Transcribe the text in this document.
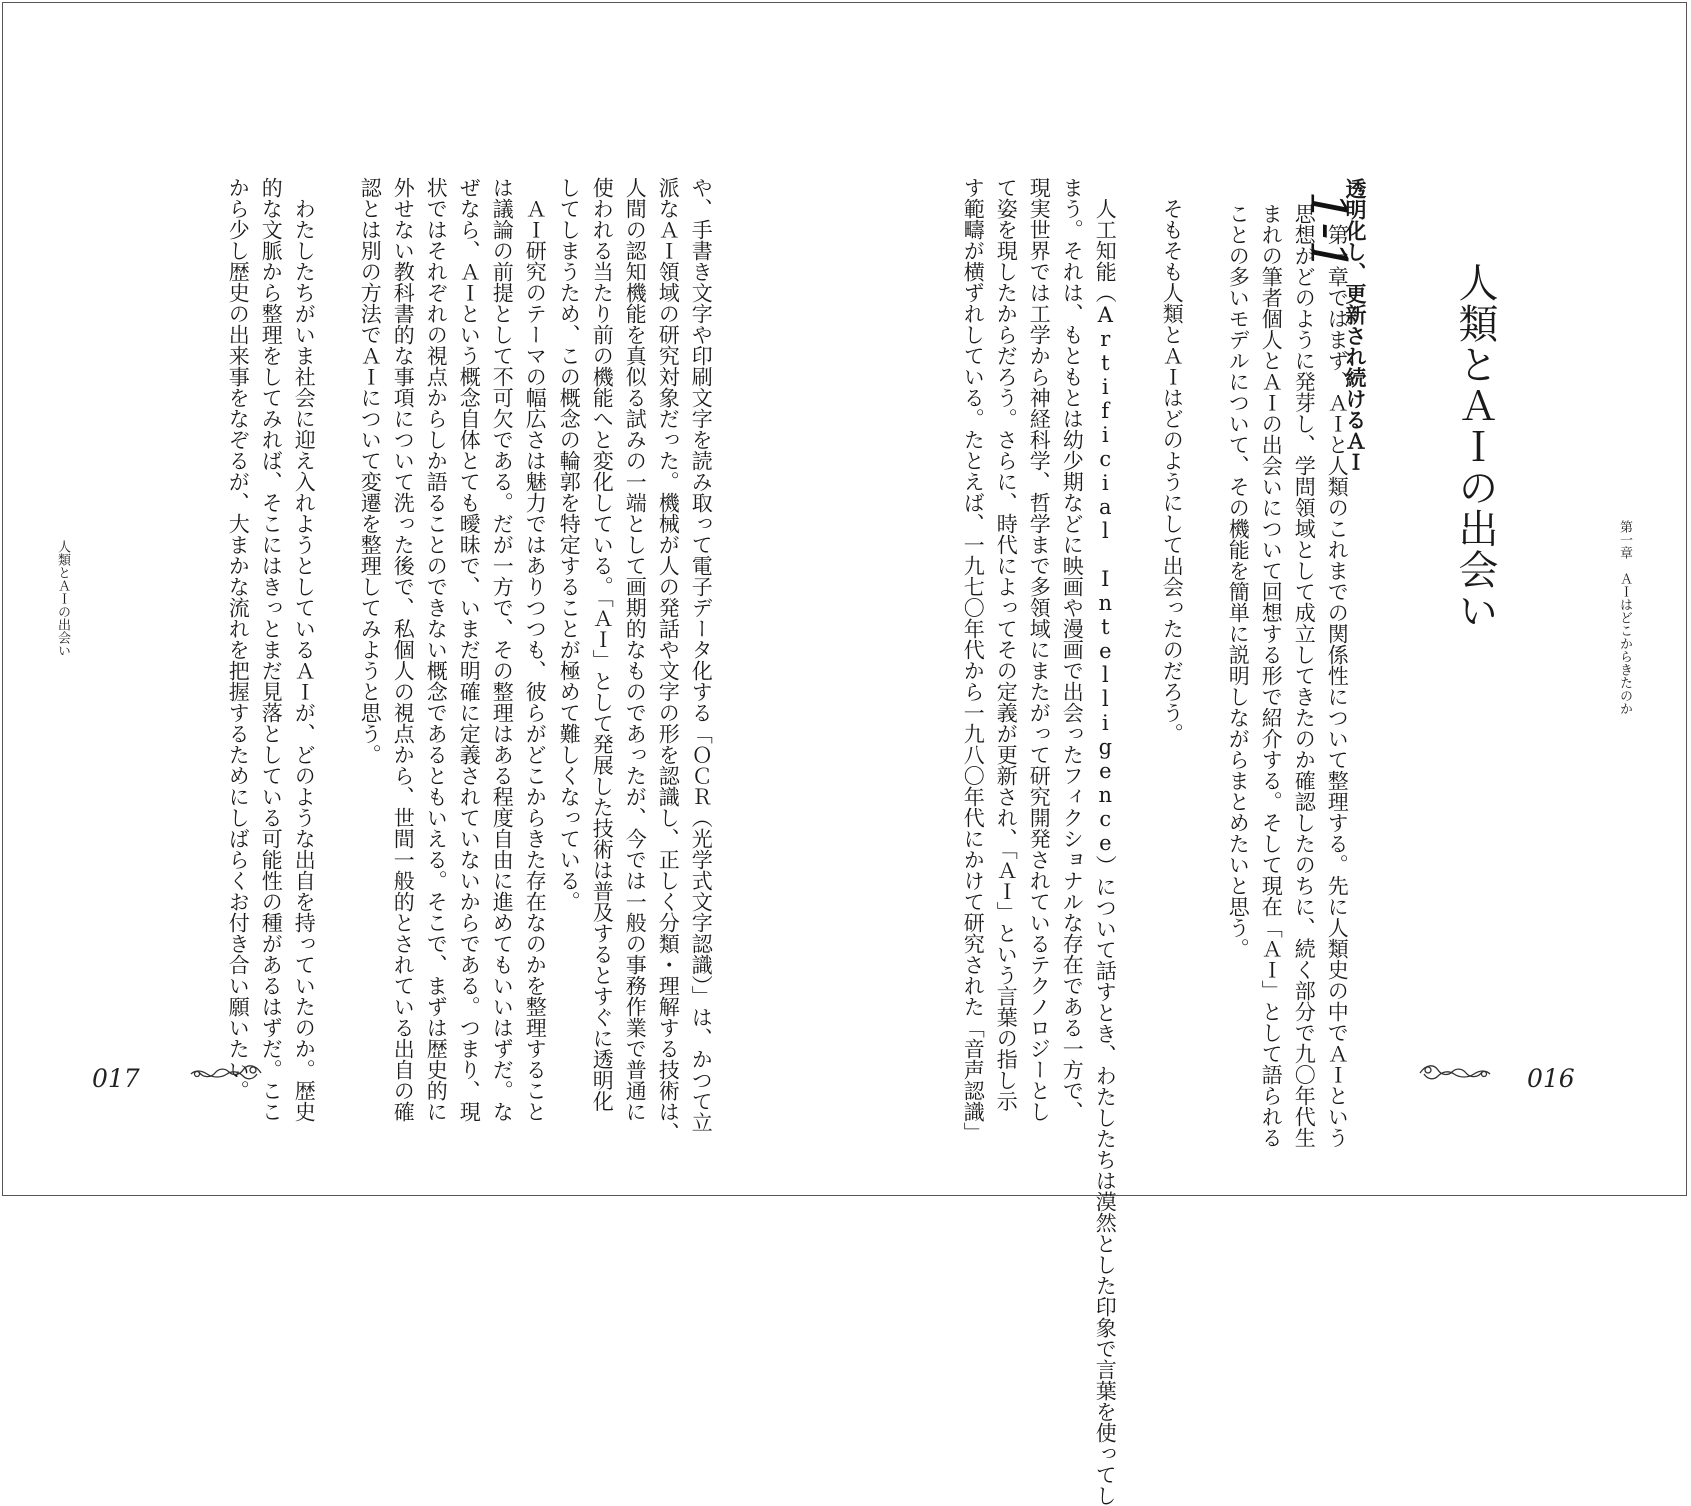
1-1
人類とＡＩの出会い
第一章ではまず、ＡＩと人類のこれまでの関係性について整理する。先に人類史の中でＡＩという
思想がどのように発芽し、学問領域として成立してきたのか確認したのちに、続く部分で九〇年代生
まれの筆者個人とＡＩの出会いについて回想する形で紹介する。そして現在「ＡＩ」として語られる
ことの多いモデルについて、その機能を簡単に説明しながらまとめたいと思う。	透明化し、更新され続けるＡＩ
そもそも人類とＡＩはどのようにして出会ったのだろう。
人工知能（Artificial Intelligence）について話すとき、わたしたちは漠然とした印象で言葉を使ってし
まう。それは、もともとは幼少期などに映画や漫画で出会ったフィクショナルな存在である一方で、
現実世界では工学から神経科学、哲学まで多領域にまたがって研究開発されているテクノロジーとし
て姿を現したからだろう。さらに、時代によってその定義が更新され、「ＡＩ」という言葉の指し示
す範疇が横ずれしている。たとえば、一九七〇年代から一九八〇年代にかけて研究された「音声認識」	第一章　ＡＩはどこからきたのか
016
や、手書き文字や印刷文字を読み取って電子データ化する「ＯＣＲ（光学式文字認識）」は、かつて立
派なＡＩ領域の研究対象だった。機械が人の発話や文字の形を認識し、正しく分類・理解する技術は、
人間の認知機能を真似る試みの一端として画期的なものであったが、今では一般の事務作業で普通に
使われる当たり前の機能へと変化している。「ＡＩ」として発展した技術は普及するとすぐに透明化
してしまうため、この概念の輪郭を特定することが極めて難しくなっている。
ＡＩ研究のテーマの幅広さは魅力ではありつつも、彼らがどこからきた存在なのかを整理すること
は議論の前提として不可欠である。だが一方で、その整理はある程度自由に進めてもいいはずだ。な
ぜなら、ＡＩという概念自体とても曖昧で、いまだ明確に定義されていないからである。つまり、現
状ではそれぞれの視点からしか語ることのできない概念であるともいえる。そこで、まずは歴史的に
外せない教科書的な事項について洗った後で、私個人の視点から、世間一般的とされている出自の確
認とは別の方法でＡＩについて変遷を整理してみようと思う。
わたしたちがいま社会に迎え入れようとしているＡＩが、どのような出自を持っていたのか。歴史
的な文脈から整理をしてみれば、そこにはきっとまだ見落としている可能性の種があるはずだ。ここ
から少し歴史の出来事をなぞるが、大まかな流れを把握するためにしばらくお付き合い願いたい。
人類とＡＩの出会い
017
